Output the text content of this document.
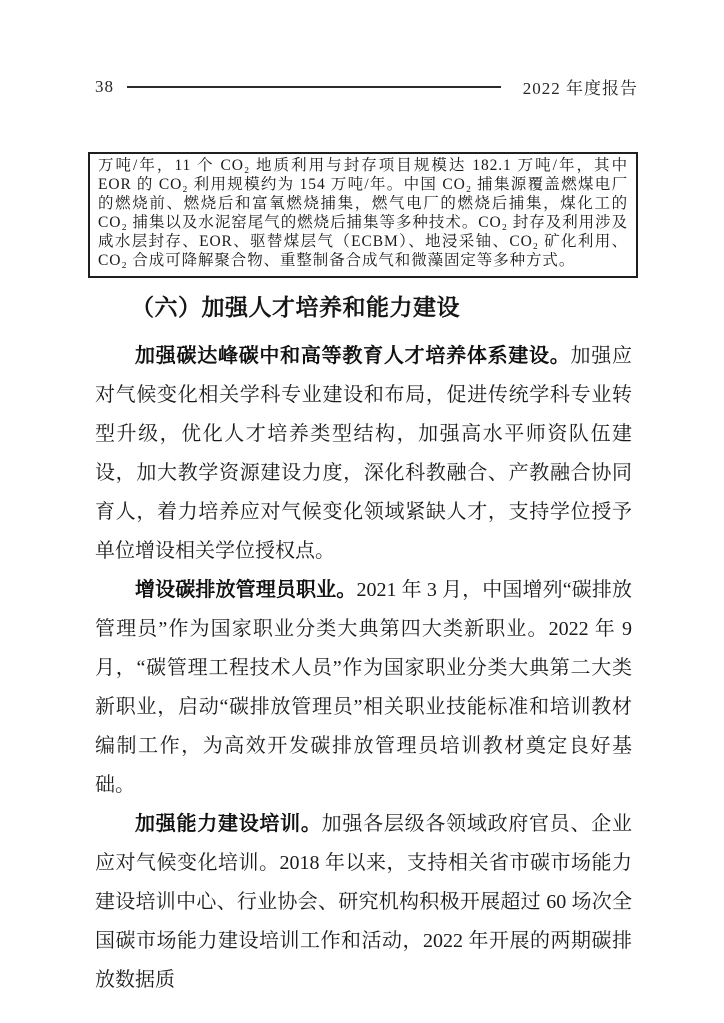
38	2022 年度报告

万吨/年，11 个 CO₂ 地质利用与封存项目规模达 182.1 万吨/年，其中 EOR 的 CO₂ 利用规模约为 154 万吨/年。中国 CO₂ 捕集源覆盖燃煤电厂的燃烧前、燃烧后和富氧燃烧捕集，燃气电厂的燃烧后捕集，煤化工的 CO₂ 捕集以及水泥窑尾气的燃烧后捕集等多种技术。CO₂ 封存及利用涉及咸水层封存、EOR、驱替煤层气（ECBM）、地浸采铀、CO₂ 矿化利用、CO₂ 合成可降解聚合物、重整制备合成气和微藻固定等多种方式。

（六）加强人才培养和能力建设

加强碳达峰碳中和高等教育人才培养体系建设。加强应对气候变化相关学科专业建设和布局，促进传统学科专业转型升级，优化人才培养类型结构，加强高水平师资队伍建设，加大教学资源建设力度，深化科教融合、产教融合协同育人，着力培养应对气候变化领域紧缺人才，支持学位授予单位增设相关学位授权点。

增设碳排放管理员职业。2021 年 3 月，中国增列“碳排放管理员”作为国家职业分类大典第四大类新职业。2022 年 9 月，“碳管理工程技术人员”作为国家职业分类大典第二大类新职业，启动“碳排放管理员”相关职业技能标准和培训教材编制工作，为高效开发碳排放管理员培训教材奠定良好基础。

加强能力建设培训。加强各层级各领域政府官员、企业应对气候变化培训。2018 年以来，支持相关省市碳市场能力建设培训中心、行业协会、研究机构积极开展超过 60 场次全国碳市场能力建设培训工作和活动，2022 年开展的两期碳排放数据质
